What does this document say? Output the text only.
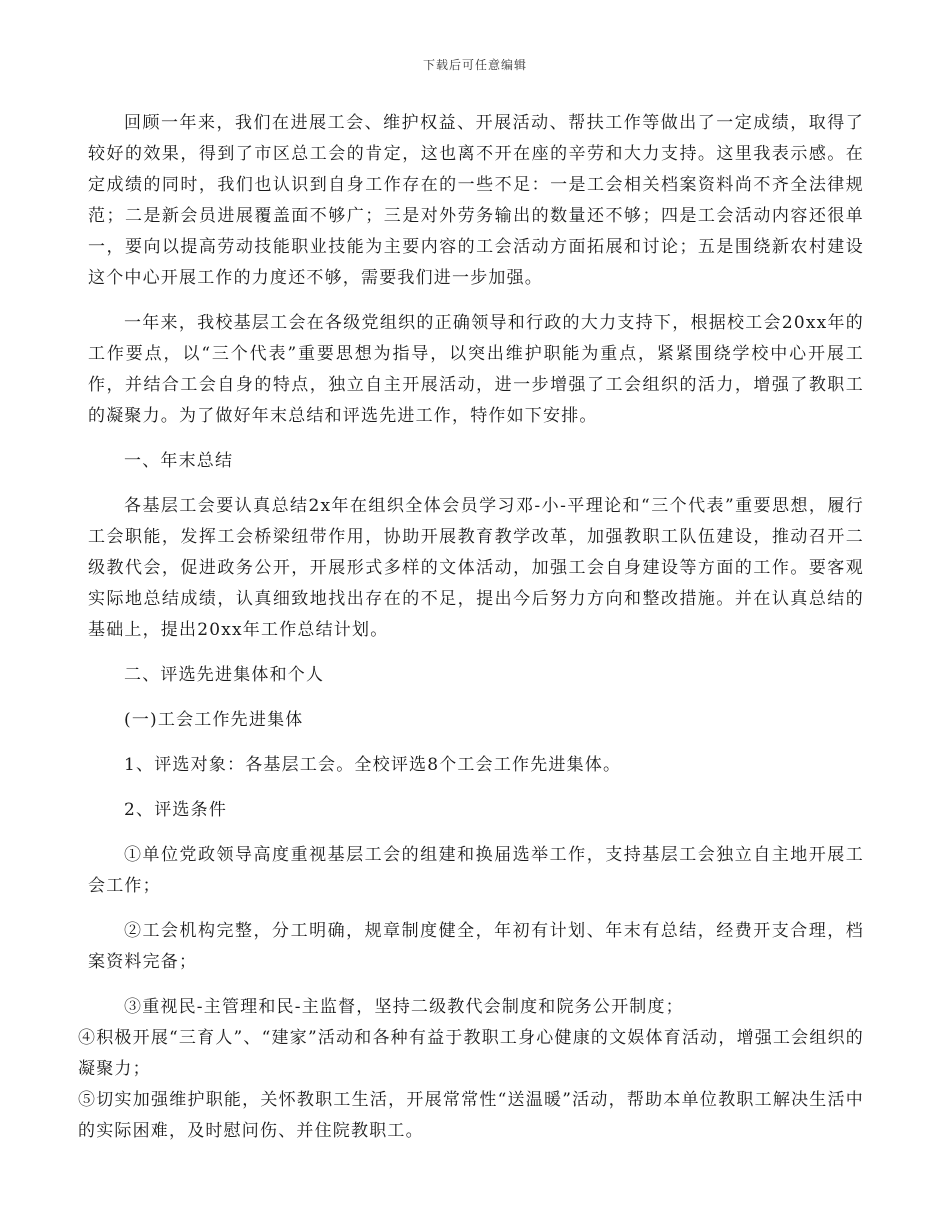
下载后可任意编辑

回顾一年来，我们在进展工会、维护权益、开展活动、帮扶工作等做出了一定成绩，取得了较好的效果，得到了市区总工会的肯定，这也离不开在座的辛劳和大力支持。这里我表示感。在定成绩的同时，我们也认识到自身工作存在的一些不足：一是工会相关档案资料尚不齐全法律规范；二是新会员进展覆盖面不够广；三是对外劳务输出的数量还不够；四是工会活动内容还很单一，要向以提高劳动技能职业技能为主要内容的工会活动方面拓展和讨论；五是围绕新农村建设这个中心开展工作的力度还不够，需要我们进一步加强。

一年来，我校基层工会在各级党组织的正确领导和行政的大力支持下，根据校工会20xx年的工作要点，以“三个代表”重要思想为指导，以突出维护职能为重点，紧紧围绕学校中心开展工作，并结合工会自身的特点，独立自主开展活动，进一步增强了工会组织的活力，增强了教职工的凝聚力。为了做好年末总结和评选先进工作，特作如下安排。

一、年末总结

各基层工会要认真总结2x年在组织全体会员学习邓-小-平理论和“三个代表”重要思想，履行工会职能，发挥工会桥梁纽带作用，协助开展教育教学改革，加强教职工队伍建设，推动召开二级教代会，促进政务公开，开展形式多样的文体活动，加强工会自身建设等方面的工作。要客观实际地总结成绩，认真细致地找出存在的不足，提出今后努力方向和整改措施。并在认真总结的基础上，提出20xx年工作总结计划。

二、评选先进集体和个人

(一)工会工作先进集体

1、评选对象：各基层工会。全校评选8个工会工作先进集体。

2、评选条件

①单位党政领导高度重视基层工会的组建和换届选举工作，支持基层工会独立自主地开展工会工作；

②工会机构完整，分工明确，规章制度健全，年初有计划、年末有总结，经费开支合理，档案资料完备；

③重视民-主管理和民-主监督，坚持二级教代会制度和院务公开制度；

④积极开展“三育人”、“建家”活动和各种有益于教职工身心健康的文娱体育活动，增强工会组织的凝聚力；

⑤切实加强维护职能，关怀教职工生活，开展常常性“送温暖”活动，帮助本单位教职工解决生活中的实际困难，及时慰问伤、并住院教职工。
